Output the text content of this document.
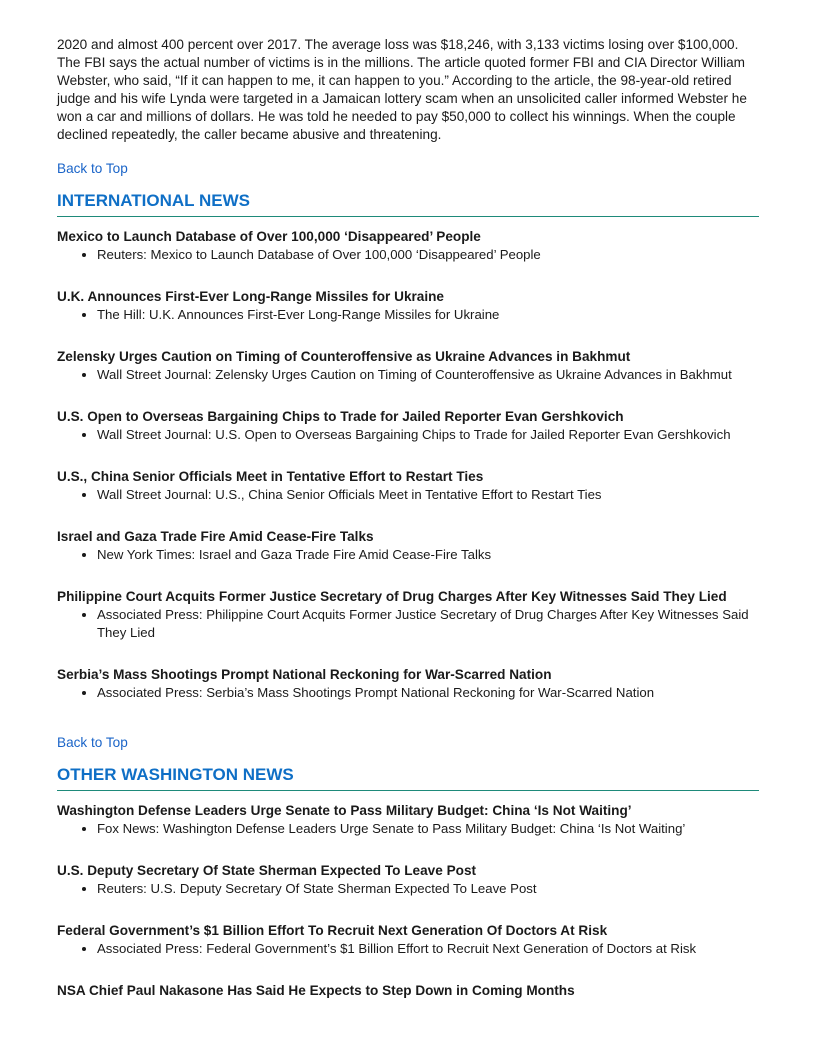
2020 and almost 400 percent over 2017. The average loss was $18,246, with 3,133 victims losing over $100,000. The FBI says the actual number of victims is in the millions. The article quoted former FBI and CIA Director William Webster, who said, “If it can happen to me, it can happen to you.” According to the article, the 98-year-old retired judge and his wife Lynda were targeted in a Jamaican lottery scam when an unsolicited caller informed Webster he won a car and millions of dollars. He was told he needed to pay $50,000 to collect his winnings. When the couple declined repeatedly, the caller became abusive and threatening.

Back to Top
INTERNATIONAL NEWS
Mexico to Launch Database of Over 100,000 ‘Disappeared’ People
• Reuters: Mexico to Launch Database of Over 100,000 ‘Disappeared’ People
U.K. Announces First-Ever Long-Range Missiles for Ukraine
• The Hill: U.K. Announces First-Ever Long-Range Missiles for Ukraine
Zelensky Urges Caution on Timing of Counteroffensive as Ukraine Advances in Bakhmut
• Wall Street Journal: Zelensky Urges Caution on Timing of Counteroffensive as Ukraine Advances in Bakhmut
U.S. Open to Overseas Bargaining Chips to Trade for Jailed Reporter Evan Gershkovich
• Wall Street Journal: U.S. Open to Overseas Bargaining Chips to Trade for Jailed Reporter Evan Gershkovich
U.S., China Senior Officials Meet in Tentative Effort to Restart Ties
• Wall Street Journal: U.S., China Senior Officials Meet in Tentative Effort to Restart Ties
Israel and Gaza Trade Fire Amid Cease-Fire Talks
• New York Times: Israel and Gaza Trade Fire Amid Cease-Fire Talks
Philippine Court Acquits Former Justice Secretary of Drug Charges After Key Witnesses Said They Lied
• Associated Press: Philippine Court Acquits Former Justice Secretary of Drug Charges After Key Witnesses Said They Lied
Serbia’s Mass Shootings Prompt National Reckoning for War-Scarred Nation
• Associated Press: Serbia’s Mass Shootings Prompt National Reckoning for War-Scarred Nation
Back to Top
OTHER WASHINGTON NEWS
Washington Defense Leaders Urge Senate to Pass Military Budget: China ‘Is Not Waiting’
• Fox News: Washington Defense Leaders Urge Senate to Pass Military Budget: China ‘Is Not Waiting’
U.S. Deputy Secretary Of State Sherman Expected To Leave Post
• Reuters: U.S. Deputy Secretary Of State Sherman Expected To Leave Post
Federal Government’s $1 Billion Effort To Recruit Next Generation Of Doctors At Risk
• Associated Press: Federal Government’s $1 Billion Effort to Recruit Next Generation of Doctors at Risk
NSA Chief Paul Nakasone Has Said He Expects to Step Down in Coming Months
